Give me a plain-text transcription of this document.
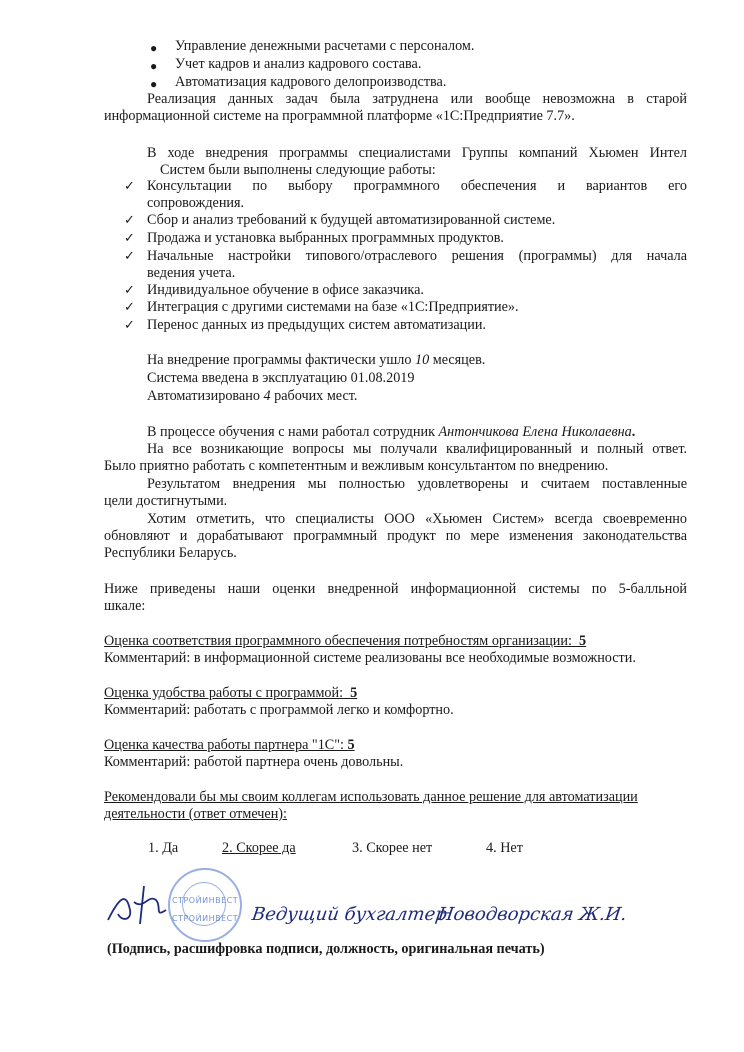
● Управление денежными расчетами с персоналом.
● Учет кадров и анализ кадрового состава.
● Автоматизация кадрового делопроизводства.
Реализация данных задач была затруднена или вообще невозможна в старой
информационной системе на программной платформе «1С:Предприятие 7.7».
В ходе внедрения программы специалистами Группы компаний Хьюмен Интел
Систем были выполнены следующие работы:
✓ Консультации по выбору программного обеспечения и вариантов его
сопровождения.
✓ Сбор и анализ требований к будущей автоматизированной системе.
✓ Продажа и установка выбранных программных продуктов.
✓ Начальные настройки типового/отраслевого решения (программы) для начала
ведения учета.
✓ Индивидуальное обучение в офисе заказчика.
✓ Интеграция с другими системами на базе «1С:Предприятие».
✓ Перенос данных из предыдущих систем автоматизации.
На внедрение программы фактически ушло 10 месяцев.
Система введена в эксплуатацию 01.08.2019
Автоматизировано 4 рабочих мест.
В процессе обучения с нами работал сотрудник Антончикова Елена Николаевна.
На все возникающие вопросы мы получали квалифицированный и полный ответ.
Было приятно работать с компетентным и вежливым консультантом по внедрению.
Результатом внедрения мы полностью удовлетворены и считаем поставленные
цели достигнутыми.
Хотим отметить, что специалисты ООО «Хьюмен Систем» всегда своевременно
обновляют и дорабатывают программный продукт по мере изменения законодательства
Республики Беларусь.
Ниже приведены наши оценки внедренной информационной системы по 5-балльной
шкале:
Оценка соответствия программного обеспечения потребностям организации: 5
Комментарий: в информационной системе реализованы все необходимые возможности.
Оценка удобства работы с программой: 5
Комментарий: работать с программой легко и комфортно.
Оценка качества работы партнера "1С": 5
Комментарий: работой партнера очень довольны.
Рекомендовали бы мы своим коллегам использовать данное решение для автоматизации
деятельности (ответ отмечен):
1. Да	2. Скорее да	3. Скорее нет	4. Нет
СТРОЙИНВЕСТ
СТРОЙИНВЕСТ Ведущий бухгалтер
Новодворская Ж.И.
(Подпись, расшифровка подписи, должность, оригинальная печать)
